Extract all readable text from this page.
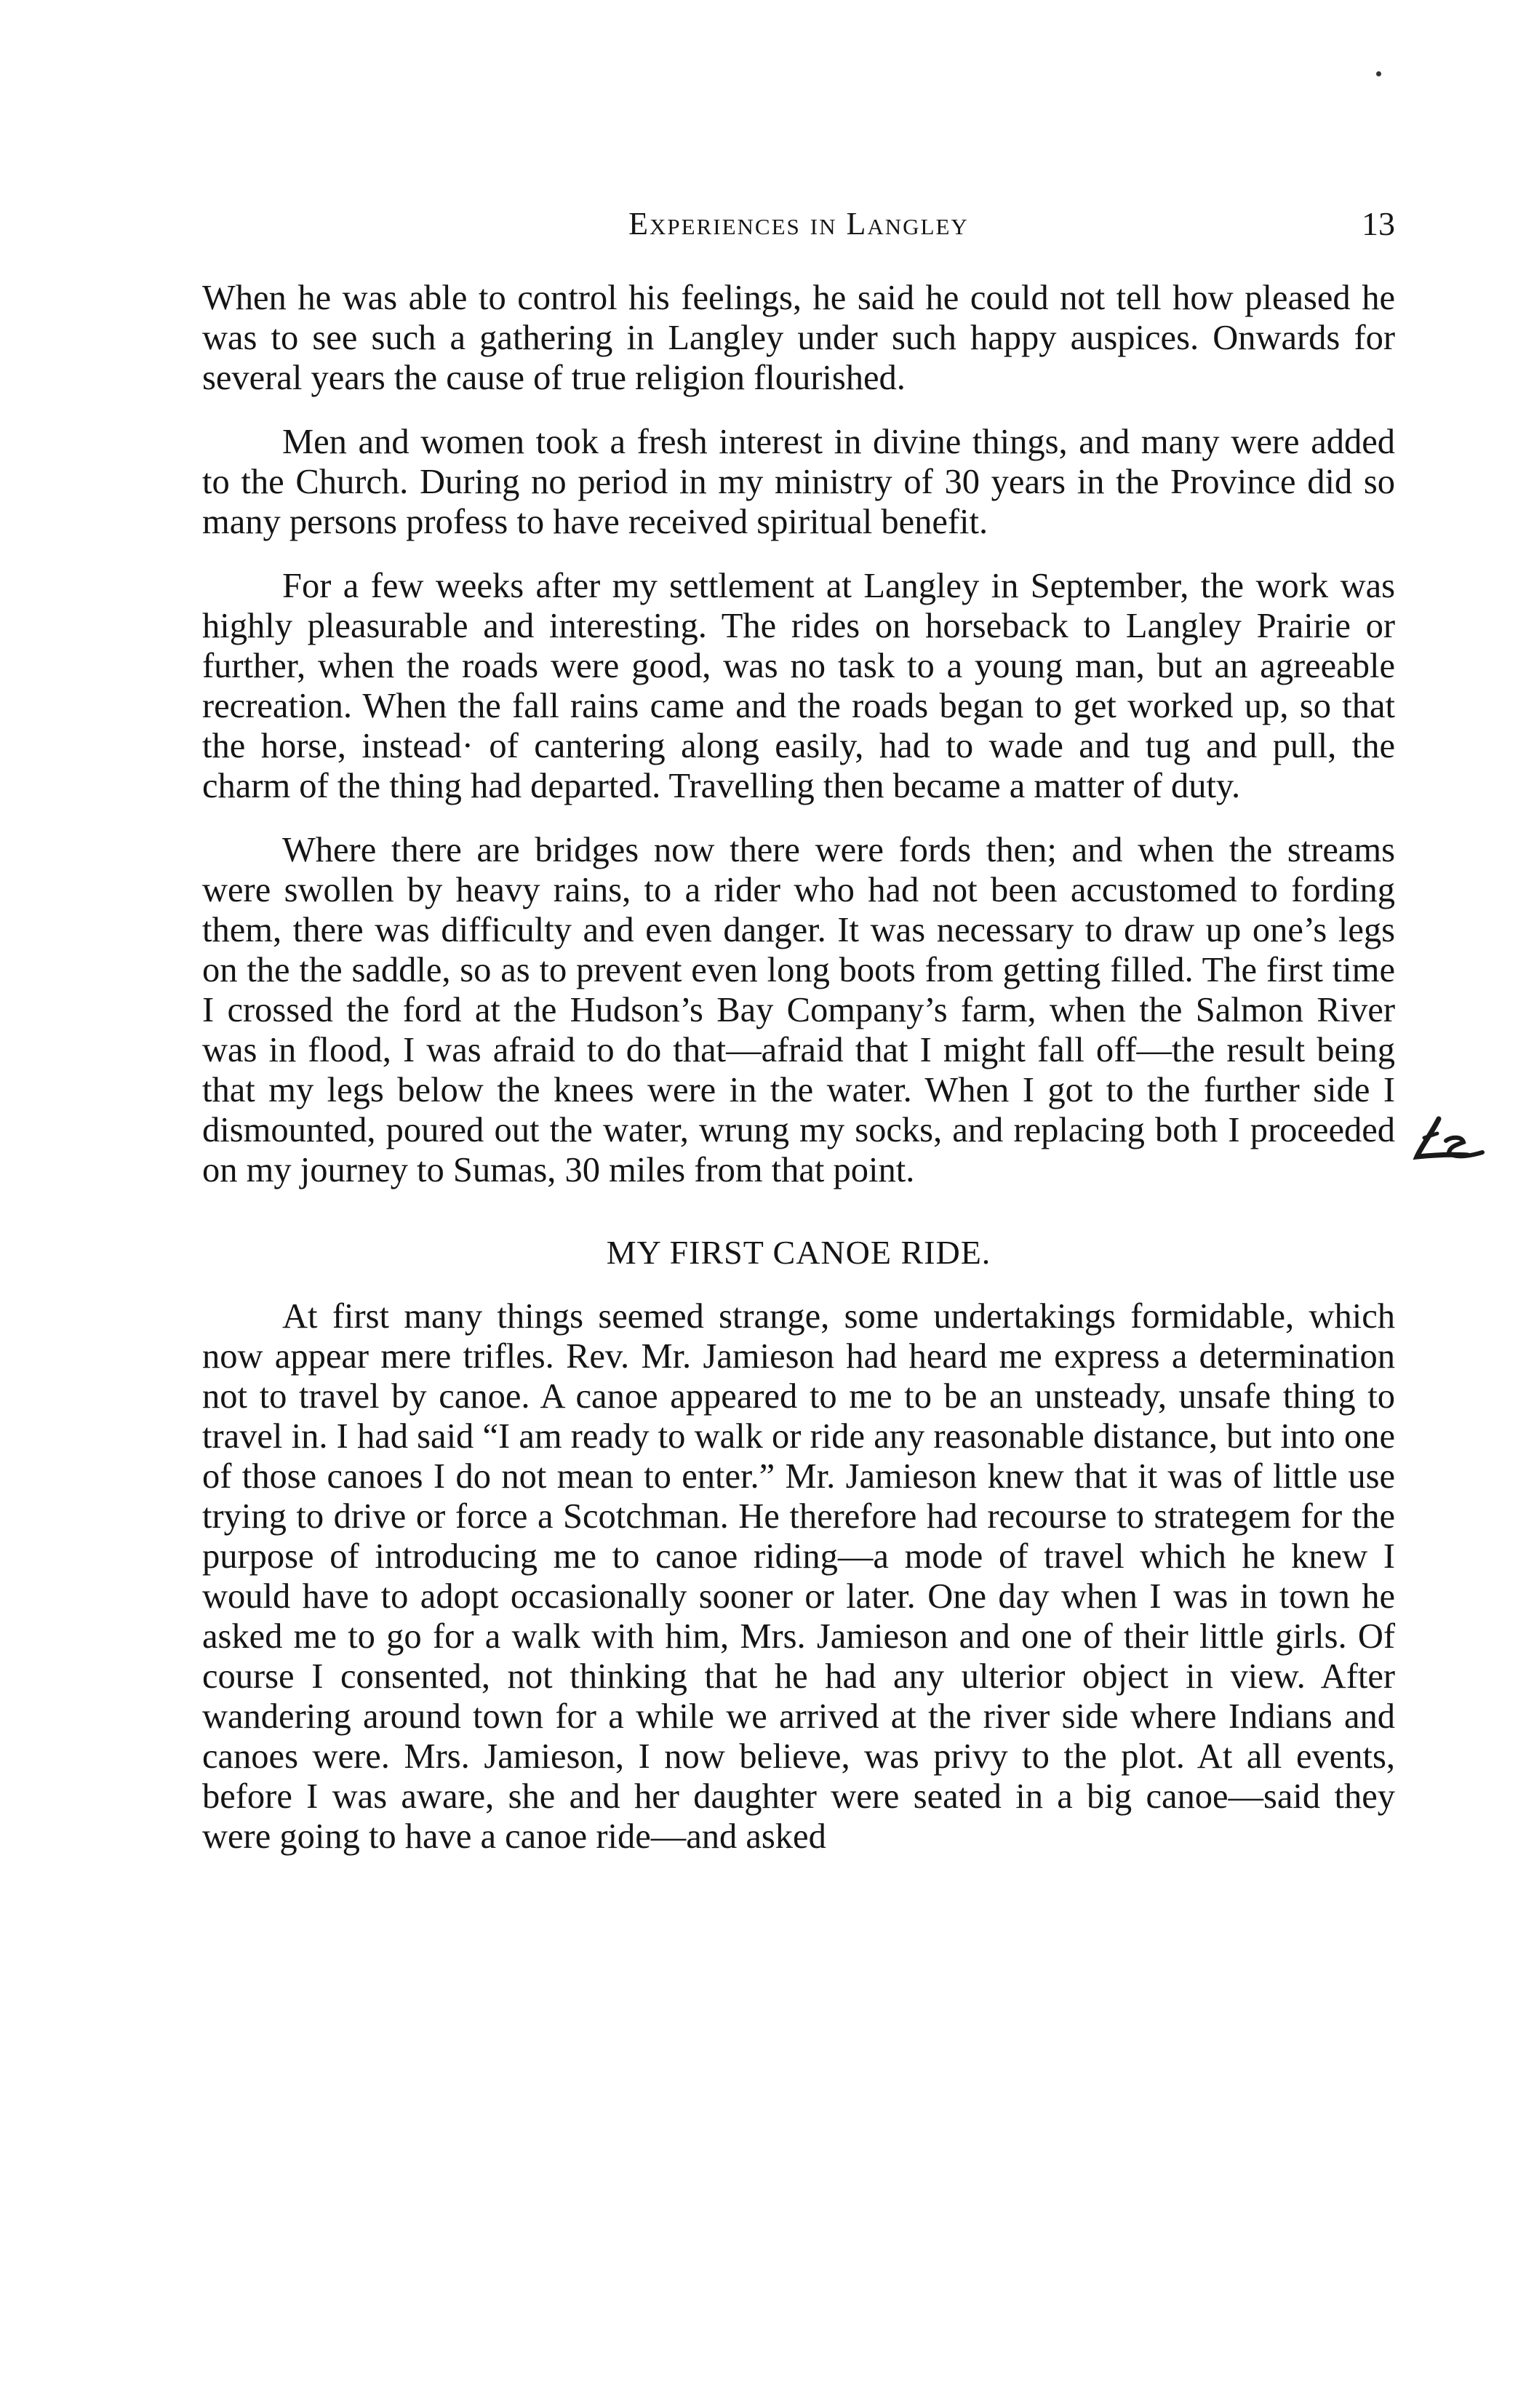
Experiences in Langley	13

When he was able to control his feelings, he said he could not tell how pleased he was to see such a gathering in Langley under such happy auspices. Onwards for several years the cause of true religion flourished.

Men and women took a fresh interest in divine things, and many were added to the Church. During no period in my ministry of 30 years in the Province did so many persons profess to have received spiritual benefit.

For a few weeks after my settlement at Langley in September, the work was highly pleasurable and interesting. The rides on horseback to Langley Prairie or further, when the roads were good, was no task to a young man, but an agreeable recreation. When the fall rains came and the roads began to get worked up, so that the horse, instead· of cantering along easily, had to wade and tug and pull, the charm of the thing had departed. Travelling then became a matter of duty.

Where there are bridges now there were fords then; and when the streams were swollen by heavy rains, to a rider who had not been accustomed to fording them, there was difficulty and even danger. It was necessary to draw up one’s legs on the the saddle, so as to prevent even long boots from getting filled. The first time I crossed the ford at the Hudson’s Bay Company’s farm, when the Salmon River was in flood, I was afraid to do that—afraid that I might fall off—the result being that my legs below the knees were in the water. When I got to the further side I dismounted, poured out the water, wrung my socks, and replacing both I proceeded on my journey to Sumas, 30 miles from that point.

MY FIRST CANOE RIDE.

At first many things seemed strange, some undertakings formidable, which now appear mere trifles. Rev. Mr. Jamieson had heard me express a determination not to travel by canoe. A canoe appeared to me to be an unsteady, unsafe thing to travel in. I had said “I am ready to walk or ride any reasonable distance, but into one of those canoes I do not mean to enter.” Mr. Jamieson knew that it was of little use trying to drive or force a Scotchman. He therefore had recourse to strategem for the purpose of introducing me to canoe riding—a mode of travel which he knew I would have to adopt occasionally sooner or later. One day when I was in town he asked me to go for a walk with him, Mrs. Jamieson and one of their little girls. Of course I consented, not thinking that he had any ulterior object in view. After wandering around town for a while we arrived at the river side where Indians and canoes were. Mrs. Jamieson, I now believe, was privy to the plot. At all events, before I was aware, she and her daughter were seated in a big canoe—said they were going to have a canoe ride—and asked
